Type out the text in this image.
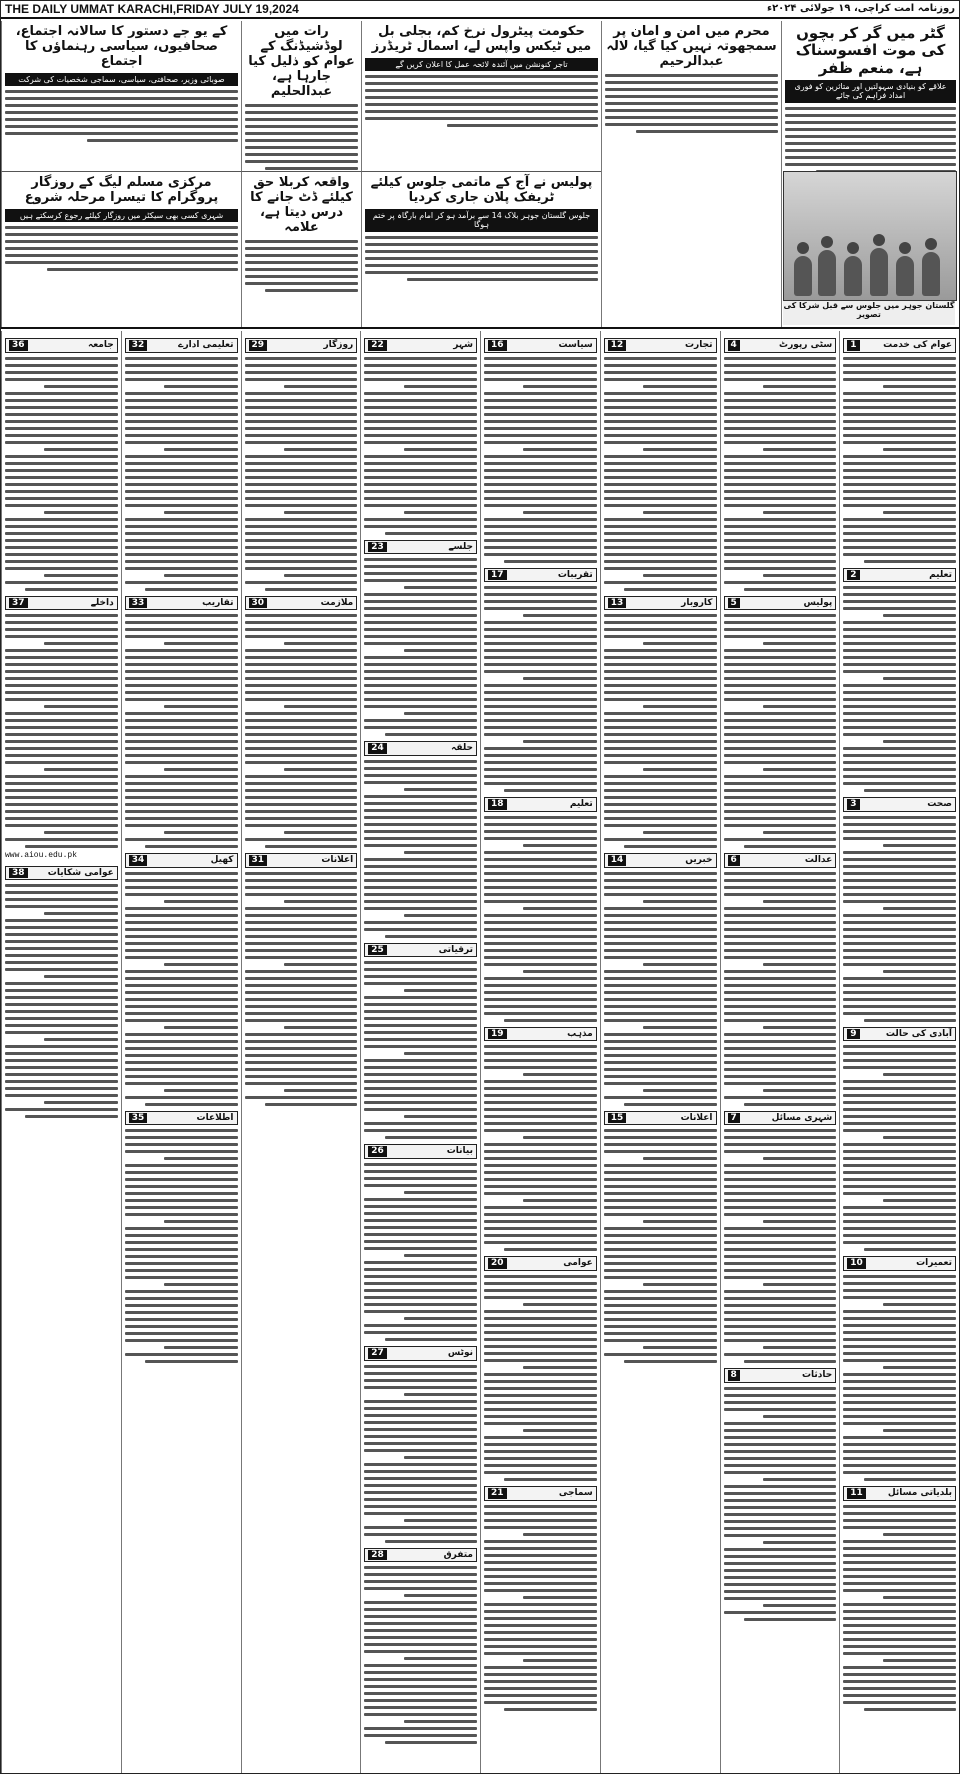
THE DAILY UMMAT KARACHI,FRIDAY JULY 19,2024	روزنامہ امت کراچی، ۱۹ جولائی ۲۰۲۴ء
گٹر میں گر کر بچوں کی موت افسوسناک ہے، منعم ظفر
علاقے کو بنیادی سہولتیں اور متاثرین کو فوری امداد فراہم کی جائے
محرم میں امن و امان پر سمجھوتہ نہیں کیا گیا، لالہ عبدالرحیم
حکومت پیٹرول نرخ کم، بجلی بل میں ٹیکس واپس لے، اسمال ٹریڈرز
تاجر کنونشن میں آئندہ لائحہ عمل کا اعلان کریں گے
رات میں لوڈشیڈنگ کے عوام کو ذلیل کیا جارہا ہے، عبدالحلیم
کے یو جے دستور کا سالانہ اجتماع، صحافیوں، سیاسی رہنماؤں کا اجتماع
صوبائی وزیر، صحافتی، سیاسی، سماجی شخصیات کی شرکت
گلستان جوہر میں جلوس سے قبل شرکا کی تصویر
پولیس نے آج کے ماتمی جلوس کیلئے ٹریفک پلان جاری کردیا
جلوس گلستان جوہر بلاک 14 سے برآمد ہو کر امام بارگاہ پر ختم ہوگا
واقعہ کربلا حق کیلئے ڈٹ جانے کا درس دیتا ہے، علامہ
مرکزی مسلم لیگ کے روزگار پروگرام کا تیسرا مرحلہ شروع
شہری کسی بھی سیکٹر میں روزگار کیلئے رجوع کرسکتے ہیں
عوام کی خدمت
1
تعلیم
2
صحت
3
آبادی کی حالت
9
تعمیرات
10
بلدیاتی مسائل
11
سٹی رپورٹ
4
پولیس
5
عدالت
6
شہری مسائل
7
حادثات
8
تجارت
12
کاروبار
13
خبریں
14
اعلانات
15
سیاست
16
تقریبات
17
تعلیم
18
مذہب
19
عوامی
20
سماجی
21
شہر
22
جلسے
23
حلقہ
24
ترقیاتی
25
بیانات
26
نوٹس
27
متفرق
28
روزگار
29
ملازمت
30
اعلانات
31
تعلیمی ادارے
32
تقاریب
33
کھیل
34
اطلاعات
35
جامعہ
36
داخلے
37
www.aiou.edu.pk
عوامی شکایات
38
